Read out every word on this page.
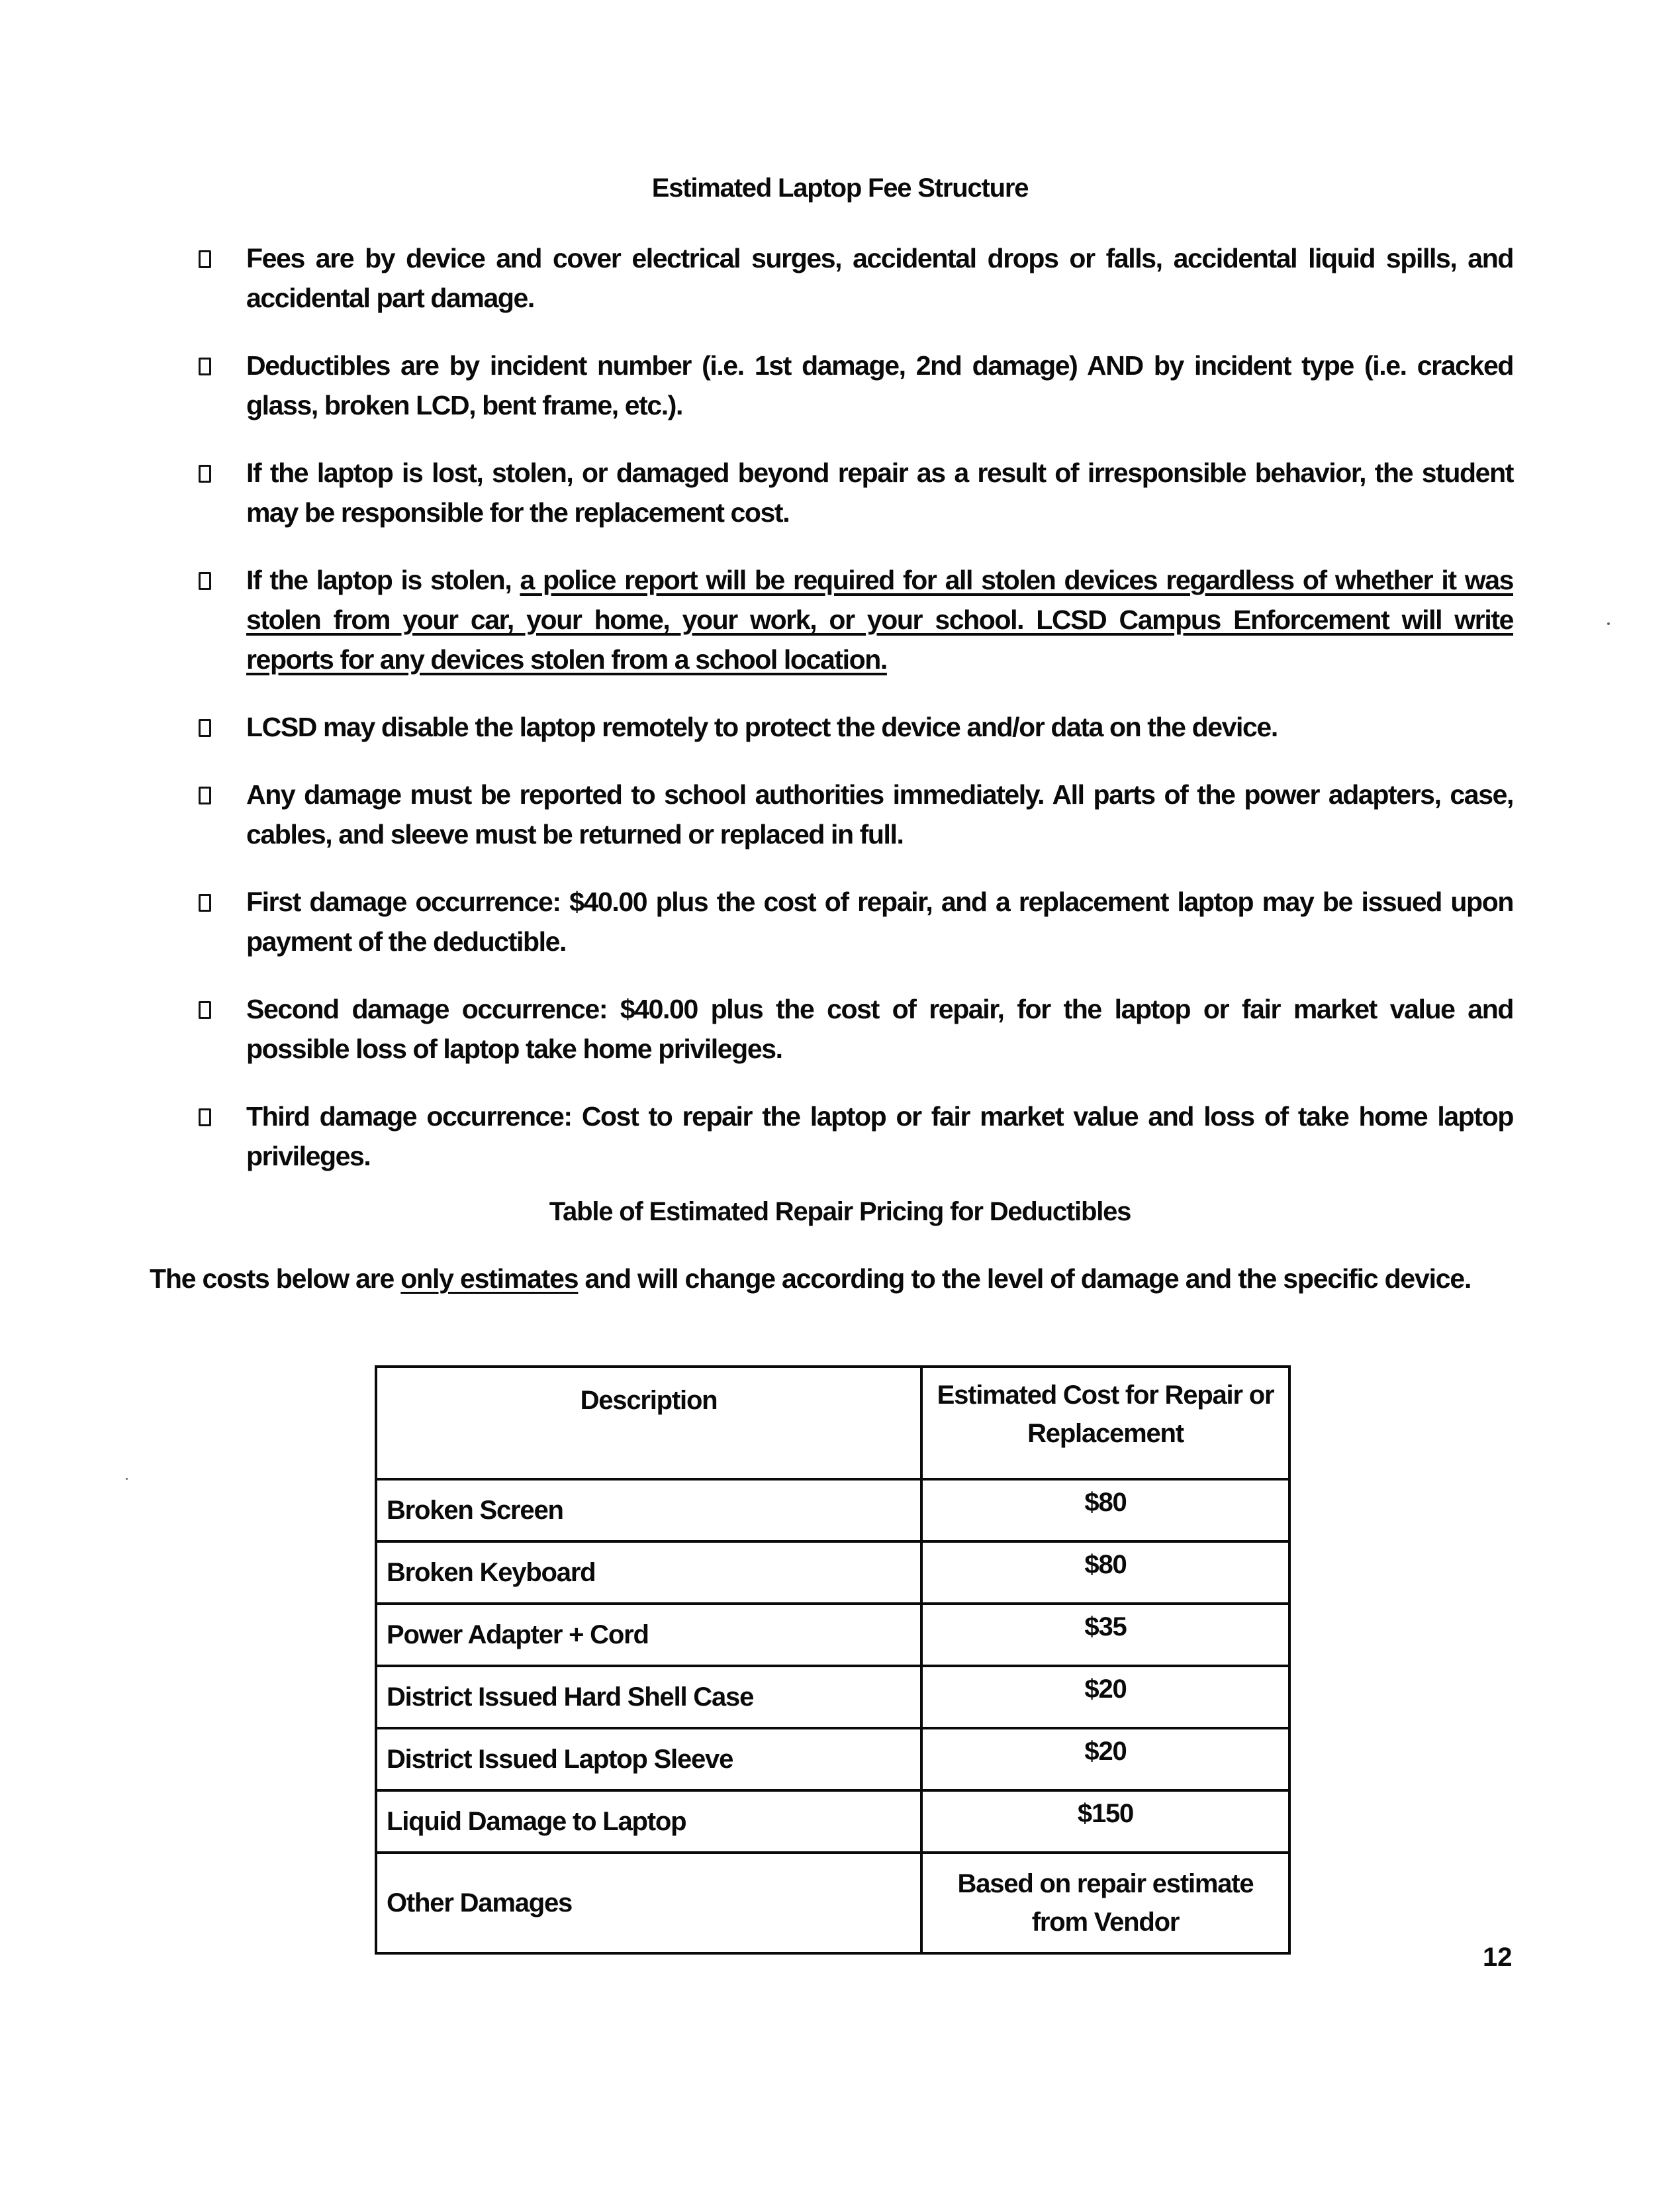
Estimated Laptop Fee Structure
Fees are by device and cover electrical surges, accidental drops or falls, accidental liquid spills, and accidental part damage.
Deductibles are by incident number (i.e. 1st damage, 2nd damage) AND by incident type (i.e. cracked glass, broken LCD, bent frame, etc.).
If the laptop is lost, stolen, or damaged beyond repair as a result of irresponsible behavior, the student may be responsible for the replacement cost.
If the laptop is stolen, a police report will be required for all stolen devices regardless of whether it was stolen from your car, your home, your work, or your school. LCSD Campus Enforcement will write reports for any devices stolen from a school location.
LCSD may disable the laptop remotely to protect the device and/or data on the device.
Any damage must be reported to school authorities immediately. All parts of the power adapters, case, cables, and sleeve must be returned or replaced in full.
First damage occurrence: $40.00 plus the cost of repair, and a replacement laptop may be issued upon payment of the deductible.
Second damage occurrence: $40.00 plus the cost of repair, for the laptop or fair market value and possible loss of laptop take home privileges.
Third damage occurrence: Cost to repair the laptop or fair market value and loss of take home laptop privileges.
Table of Estimated Repair Pricing for Deductibles
The costs below are only estimates and will change according to the level of damage and the specific device.
Description	Estimated Cost for Repair or Replacement
Broken Screen	$80
Broken Keyboard	$80
Power Adapter + Cord	$35
District Issued Hard Shell Case	$20
District Issued Laptop Sleeve	$20
Liquid Damage to Laptop	$150
Other Damages	Based on repair estimate from Vendor
12
